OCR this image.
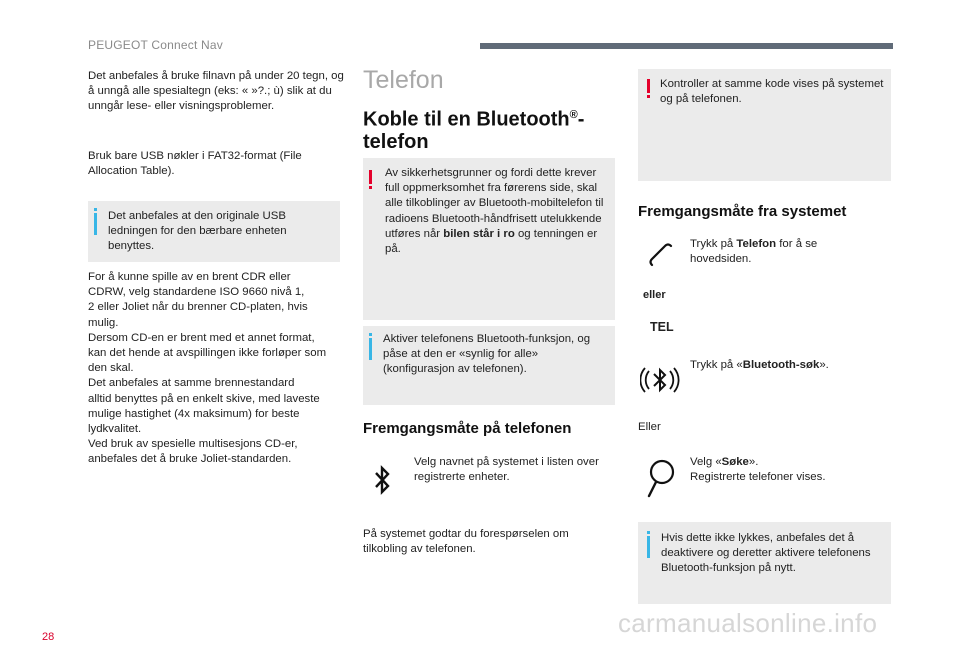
PEUGEOT Connect Nav

Det anbefales å bruke filnavn på under 20 tegn, og å unngå alle spesialtegn (eks: « »?.; ù) slik at du unngår lese- eller visningsproblemer.

Bruk bare USB nøkler i FAT32-format (File Allocation Table).

Det anbefales at den originale USB ledningen for den bærbare enheten benyttes.

For å kunne spille av en brent CDR eller
CDRW, velg standardene ISO 9660 nivå 1,
2 eller Joliet når du brenner CD-platen, hvis
mulig.
Dersom CD-en er brent med et annet format,
kan det hende at avspillingen ikke forløper som
den skal.
Det anbefales at samme brennestandard
alltid benyttes på en enkelt skive, med laveste
mulige hastighet (4x maksimum) for beste
lydkvalitet.
Ved bruk av spesielle multisesjons CD-er,
anbefales det å bruke Joliet-standarden.
Telefon
Koble til en Bluetooth®-
telefon

Av sikkerhetsgrunner og fordi dette krever full oppmerksomhet fra førerens side, skal alle tilkoblinger av Bluetooth-mobiltelefon til radioens Bluetooth-håndfrisett utelukkende utføres når bilen står i ro og tenningen er på.

Aktiver telefonens Bluetooth-funksjon, og påse at den er «synlig for alle» (konfigurasjon av telefonen).

Fremgangsmåte på telefonen

Velg navnet på systemet i listen over registrerte enheter.

På systemet godtar du forespørselen om tilkobling av telefonen.

Kontroller at samme kode vises på systemet og på telefonen.

Fremgangsmåte fra systemet

Trykk på Telefon for å se hovedsiden.

eller
TEL

Trykk på «Bluetooth-søk».

Eller
Velg «Søke».
Registrerte telefoner vises.

Hvis dette ikke lykkes, anbefales det å deaktivere og deretter aktivere telefonens Bluetooth-funksjon på nytt.

28	carmanualsonline.info
